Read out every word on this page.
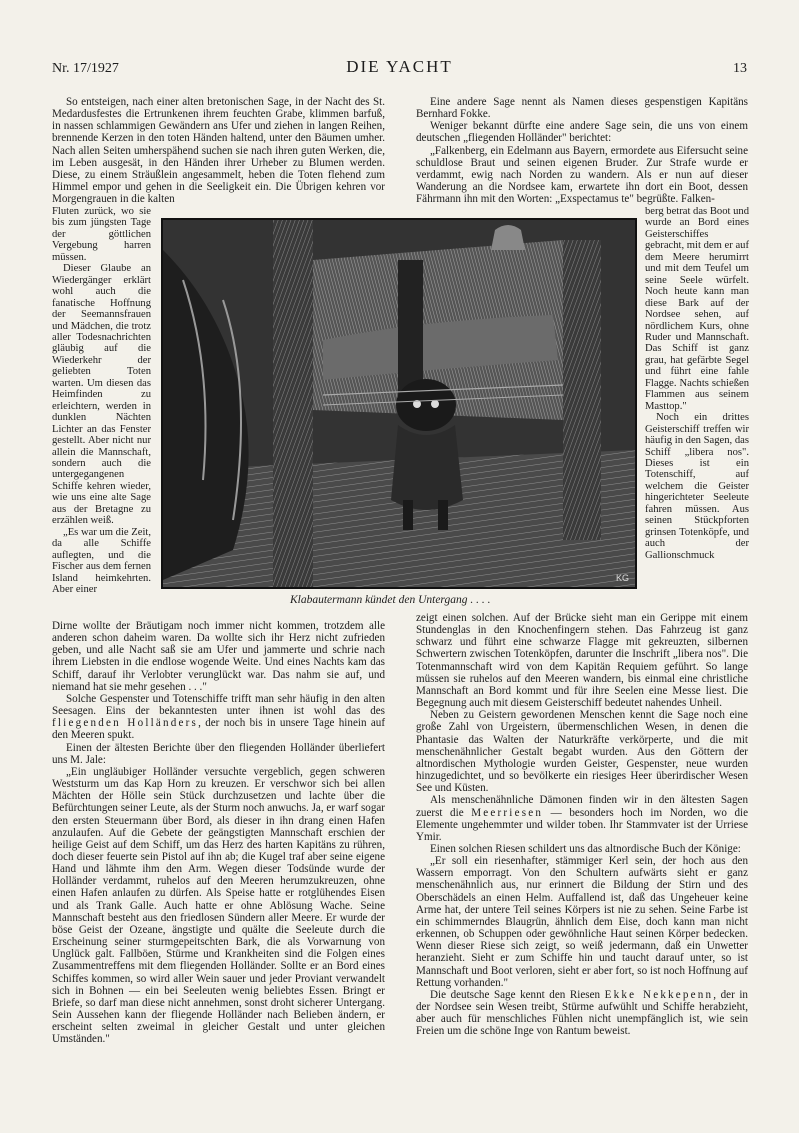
Nr. 17/1927	DIE YACHT	13

So entsteigen, nach einer alten bretonischen Sage, in der Nacht des St. Medardusfestes die Ertrunkenen ihrem feuchten Grabe, klimmen barfuß, in nassen schlammigen Gewändern ans Ufer und ziehen in langen Reihen, brennende Kerzen in den toten Händen haltend, unter den Bäumen umher. Nach allen Seiten umherspähend suchen sie nach ihren guten Werken, die, im Leben ausgesät, in den Händen ihrer Urheber zu Blumen werden. Diese, zu einem Sträußlein angesammelt, heben die Toten flehend zum Himmel empor und gehen in die Seeligkeit ein. Die Übrigen kehren vor Morgengrauen in die kalten

Fluten zurück, wo sie bis zum jüngsten Tage der göttlichen Vergebung harren müssen.

Dieser Glaube an Wiedergänger erklärt wohl auch die fanatische Hoffnung der Seemannsfrauen und Mädchen, die trotz aller Todesnachrichten gläubig auf die Wiederkehr der geliebten Toten warten. Um diesen das Heimfinden zu erleichtern, werden in dunklen Nächten Lichter an das Fenster gestellt. Aber nicht nur allein die Mannschaft, sondern auch die untergegangenen Schiffe kehren wieder, wie uns eine alte Sage aus der Bretagne zu erzählen weiß.

„Es war um die Zeit, da alle Schiffe auflegten, und die Fischer aus dem fernen Island heimkehrten. Aber einer

KG
Klabautermann kündet den Untergang . . . .

Dirne wollte der Bräutigam noch immer nicht kommen, trotzdem alle anderen schon daheim waren. Da wollte sich ihr Herz nicht zufrieden geben, und alle Nacht saß sie am Ufer und jammerte und schrie nach ihrem Liebsten in die endlose wogende Weite. Und eines Nachts kam das Schiff, darauf ihr Verlobter verunglückt war. Das nahm sie auf, und niemand hat sie mehr gesehen . . ."

Solche Gespenster und Totenschiffe trifft man sehr häufig in den alten Seesagen. Eins der bekanntesten unter ihnen ist wohl das des fliegenden Holländers, der noch bis in unsere Tage hinein auf den Meeren spukt.

Einen der ältesten Berichte über den fliegenden Holländer überliefert uns M. Jale:

„Ein ungläubiger Holländer versuchte vergeblich, gegen schweren Weststurm um das Kap Horn zu kreuzen. Er verschwor sich bei allen Mächten der Hölle sein Stück durchzusetzen und lachte über die Befürchtungen seiner Leute, als der Sturm noch anwuchs. Ja, er warf sogar den ersten Steuermann über Bord, als dieser in ihn drang einen Hafen anzulaufen. Auf die Gebete der geängstigten Mannschaft erschien der heilige Geist auf dem Schiff, um das Herz des harten Kapitäns zu rühren, doch dieser feuerte sein Pistol auf ihn ab; die Kugel traf aber seine eigene Hand und lähmte ihm den Arm. Wegen dieser Todsünde wurde der Holländer verdammt, ruhelos auf den Meeren herumzukreuzen, ohne einen Hafen anlaufen zu dürfen. Als Speise hatte er rotglühendes Eisen und als Trank Galle. Auch hatte er ohne Ablösung Wache. Seine Mannschaft besteht aus den friedlosen Sündern aller Meere. Er wurde der böse Geist der Ozeane, ängstigte und quälte die Seeleute durch die Erscheinung seiner sturmgepeitschten Bark, die als Vorwarnung von Unglück galt. Fallböen, Stürme und Krankheiten sind die Folgen eines Zusammentreffens mit dem fliegenden Holländer. Sollte er an Bord eines Schiffes kommen, so wird aller Wein sauer und jeder Proviant verwandelt sich in Bohnen — ein bei Seeleuten wenig beliebtes Essen. Bringt er Briefe, so darf man diese nicht annehmen, sonst droht sicherer Untergang. Sein Aussehen kann der fliegende Holländer nach Belieben ändern, er erscheint selten zweimal in gleicher Gestalt und unter gleichen Umständen."

Eine andere Sage nennt als Namen dieses gespenstigen Kapitäns Bernhard Fokke.

Weniger bekannt dürfte eine andere Sage sein, die uns von einem deutschen „fliegenden Holländer" berichtet:

„Falkenberg, ein Edelmann aus Bayern, ermordete aus Eifersucht seine schuldlose Braut und seinen eigenen Bruder. Zur Strafe wurde er verdammt, ewig nach Norden zu wandern. Als er nun auf dieser Wanderung an die Nordsee kam, erwartete ihn dort ein Boot, dessen Fährmann ihn mit den Worten: „Exspectamus te" begrüßte. Falken-

berg betrat das Boot und wurde an Bord eines Geisterschiffes gebracht, mit dem er auf dem Meere herumirrt und mit dem Teufel um seine Seele würfelt. Noch heute kann man diese Bark auf der Nordsee sehen, auf nördlichem Kurs, ohne Ruder und Mannschaft. Das Schiff ist ganz grau, hat gefärbte Segel und führt eine fahle Flagge. Nachts schießen Flammen aus seinem Masttop."

Noch ein drittes Geisterschiff treffen wir häufig in den Sagen, das Schiff „libera nos". Dieses ist ein Totenschiff, auf welchem die Geister hingerichteter Seeleute fahren müssen. Aus seinen Stückpforten grinsen Totenköpfe, und auch der Gallionschmuck

zeigt einen solchen. Auf der Brücke sieht man ein Gerippe mit einem Stundenglas in den Knochenfingern stehen. Das Fahrzeug ist ganz schwarz und führt eine schwarze Flagge mit gekreuzten, silbernen Schwertern zwischen Totenköpfen, darunter die Inschrift „libera nos". Die Totenmannschaft wird von dem Kapitän Requiem geführt. So lange müssen sie ruhelos auf den Meeren wandern, bis einmal eine christliche Mannschaft an Bord kommt und für ihre Seelen eine Messe liest. Die Begegnung auch mit diesem Geisterschiff bedeutet nahendes Unheil.

Neben zu Geistern gewordenen Menschen kennt die Sage noch eine große Zahl von Urgeistern, übermenschlichen Wesen, in denen die Phantasie das Walten der Naturkräfte verkörperte, und die mit menschenähnlicher Gestalt begabt wurden. Aus den Göttern der altnordischen Mythologie wurden Geister, Gespenster, neue wurden hinzugedichtet, und so bevölkerte ein riesiges Heer überirdischer Wesen See und Küsten.

Als menschenähnliche Dämonen finden wir in den ältesten Sagen zuerst die Meerriesen — besonders hoch im Norden, wo die Elemente ungehemmter und wilder toben. Ihr Stammvater ist der Urriese Ymir.

Einen solchen Riesen schildert uns das altnordische Buch der Könige:

„Er soll ein riesenhafter, stämmiger Kerl sein, der hoch aus den Wassern emporragt. Von den Schultern aufwärts sieht er ganz menschenähnlich aus, nur erinnert die Bildung der Stirn und des Oberschädels an einen Helm. Auffallend ist, daß das Ungeheuer keine Arme hat, der untere Teil seines Körpers ist nie zu sehen. Seine Farbe ist ein schimmerndes Blaugrün, ähnlich dem Eise, doch kann man nicht erkennen, ob Schuppen oder gewöhnliche Haut seinen Körper bedecken. Wenn dieser Riese sich zeigt, so weiß jedermann, daß ein Unwetter heranzieht. Sieht er zum Schiffe hin und taucht darauf unter, so ist Mannschaft und Boot verloren, sieht er aber fort, so ist noch Hoffnung auf Rettung vorhanden."

Die deutsche Sage kennt den Riesen Ekke Nekkepenn, der in der Nordsee sein Wesen treibt, Stürme aufwühlt und Schiffe herabzieht, aber auch für menschliches Fühlen nicht unempfänglich ist, wie sein Freien um die schöne Inge von Rantum beweist.
